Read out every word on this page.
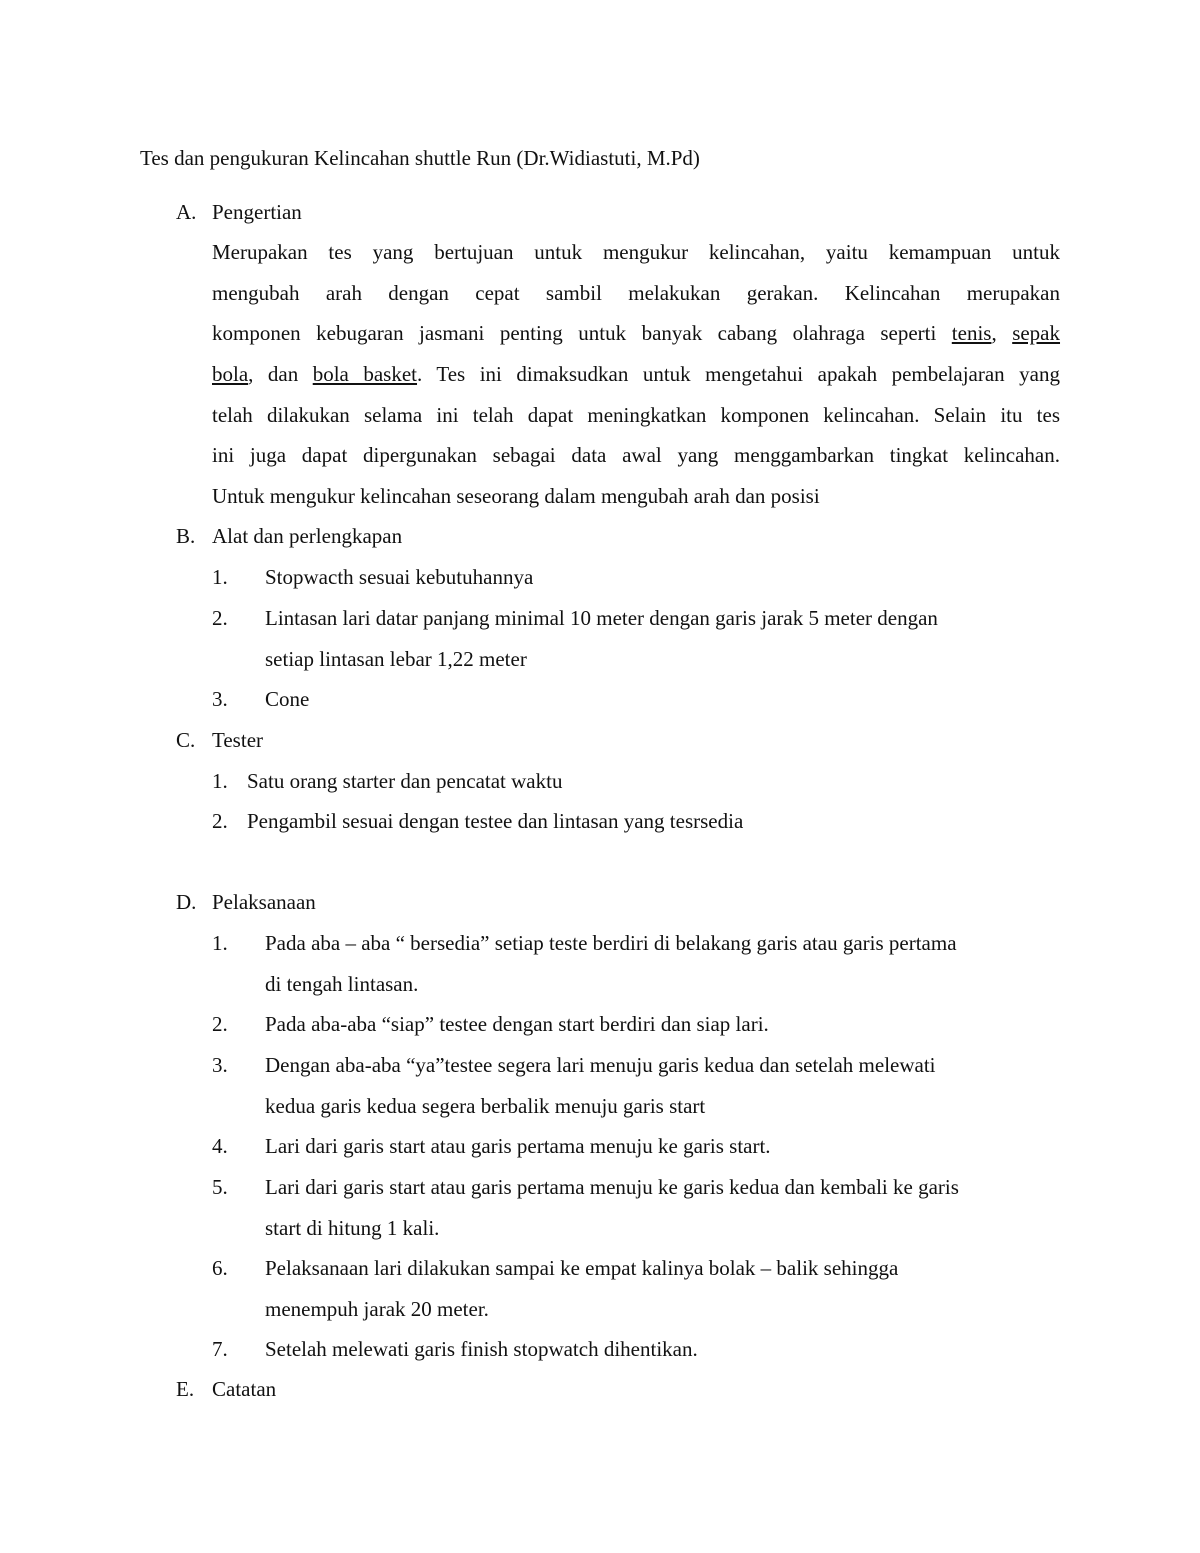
Tes dan pengukuran Kelincahan shuttle Run (Dr.Widiastuti, M.Pd)
A. Pengertian
Merupakan tes yang bertujuan untuk mengukur kelincahan, yaitu kemampuan untuk
mengubah arah dengan cepat sambil melakukan gerakan. Kelincahan merupakan
komponen kebugaran jasmani penting untuk banyak cabang olahraga seperti tenis, sepak
bola, dan bola basket. Tes ini dimaksudkan untuk mengetahui apakah pembelajaran yang
telah dilakukan selama ini telah dapat meningkatkan komponen kelincahan. Selain itu tes
ini juga dapat dipergunakan sebagai data awal yang menggambarkan tingkat kelincahan.
Untuk mengukur kelincahan seseorang dalam mengubah arah dan posisi
B. Alat dan perlengkapan
1. Stopwacth sesuai kebutuhannya
2. Lintasan lari datar panjang minimal 10 meter dengan garis jarak 5 meter dengan
setiap lintasan lebar 1,22 meter
3. Cone
C. Tester
1. Satu orang starter dan pencatat waktu
2. Pengambil sesuai dengan testee dan lintasan yang tesrsedia
D. Pelaksanaan
1. Pada aba – aba “ bersedia” setiap teste berdiri di belakang garis atau garis pertama
di tengah lintasan.
2. Pada aba-aba “siap” testee dengan start berdiri dan siap lari.
3. Dengan aba-aba “ya”testee segera lari menuju garis kedua dan setelah melewati
kedua garis kedua segera berbalik menuju garis start
4. Lari dari garis start atau garis pertama menuju ke garis start.
5. Lari dari garis start atau garis pertama menuju ke garis kedua dan kembali ke garis
start di hitung 1 kali.
6. Pelaksanaan lari dilakukan sampai ke empat kalinya bolak – balik sehingga
menempuh jarak 20 meter.
7. Setelah melewati garis finish stopwatch dihentikan.
E. Catatan
